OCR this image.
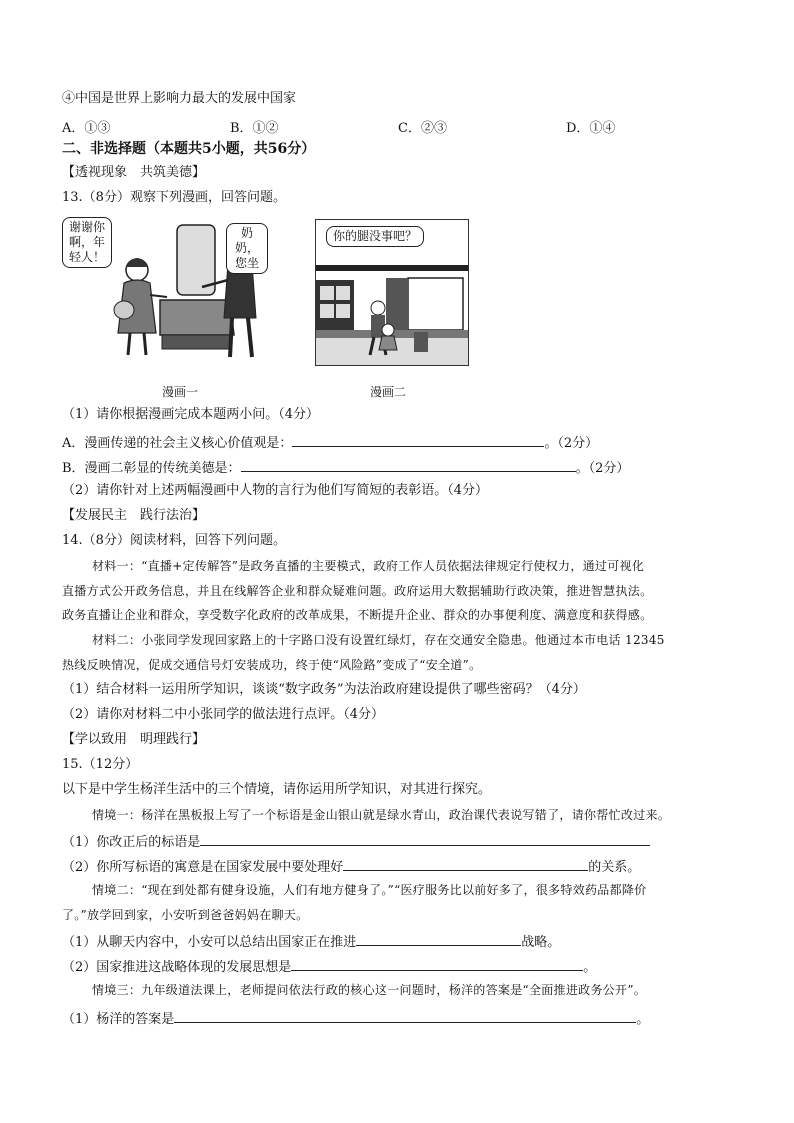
④中国是世界上影响力最大的发展中国家
A．①③	B．①②	C．②③	D．①④
二、非选择题（本题共5小题，共56分）
【透视现象　共筑美德】
13.（8分）观察下列漫画，回答问题。
谢谢你啊，年轻人！
奶奶，您坐
你的腿没事吧？
漫画一	漫画二
（1）请你根据漫画完成本题两小问。（4分）
A．漫画传递的社会主义核心价值观是：	。（2分）
B．漫画二彰显的传统美德是：	。（2分）
（2）请你针对上述两幅漫画中人物的言行为他们写简短的表彰语。（4分）
【发展民主　践行法治】
14.（8分）阅读材料，回答下列问题。
材料一：“直播+定传解答”是政务直播的主要模式，政府工作人员依据法律规定行使权力，通过可视化
直播方式公开政务信息，并且在线解答企业和群众疑难问题。政府运用大数据辅助行政决策，推进智慧执法。
政务直播让企业和群众，享受数字化政府的改革成果，不断提升企业、群众的办事便利度、满意度和获得感。
材料二：小张同学发现回家路上的十字路口没有设置红绿灯，存在交通安全隐患。他通过本市电话 12345
热线反映情况，促成交通信号灯安装成功，终于使“风险路”变成了“安全道”。
（1）结合材料一运用所学知识，谈谈“数字政务”为法治政府建设提供了哪些密码？（4分）
（2）请你对材料二中小张同学的做法进行点评。（4分）
【学以致用　明理践行】
15.（12分）
以下是中学生杨洋生活中的三个情境，请你运用所学知识，对其进行探究。
情境一：杨洋在黑板报上写了一个标语是金山银山就是绿水青山，政治课代表说写错了，请你帮忙改过来。
（1）你改正后的标语是
（2）你所写标语的寓意是在国家发展中要处理好	的关系。
情境二：“现在到处都有健身设施，人们有地方健身了。”“医疗服务比以前好多了，很多特效药品都降价
了。”放学回到家，小安听到爸爸妈妈在聊天。
（1）从聊天内容中，小安可以总结出国家正在推进	战略。
（2）国家推进这战略体现的发展思想是	。
情境三：九年级道法课上，老师提问依法行政的核心这一问题时，杨洋的答案是“全面推进政务公开”。
（1）杨洋的答案是	。
